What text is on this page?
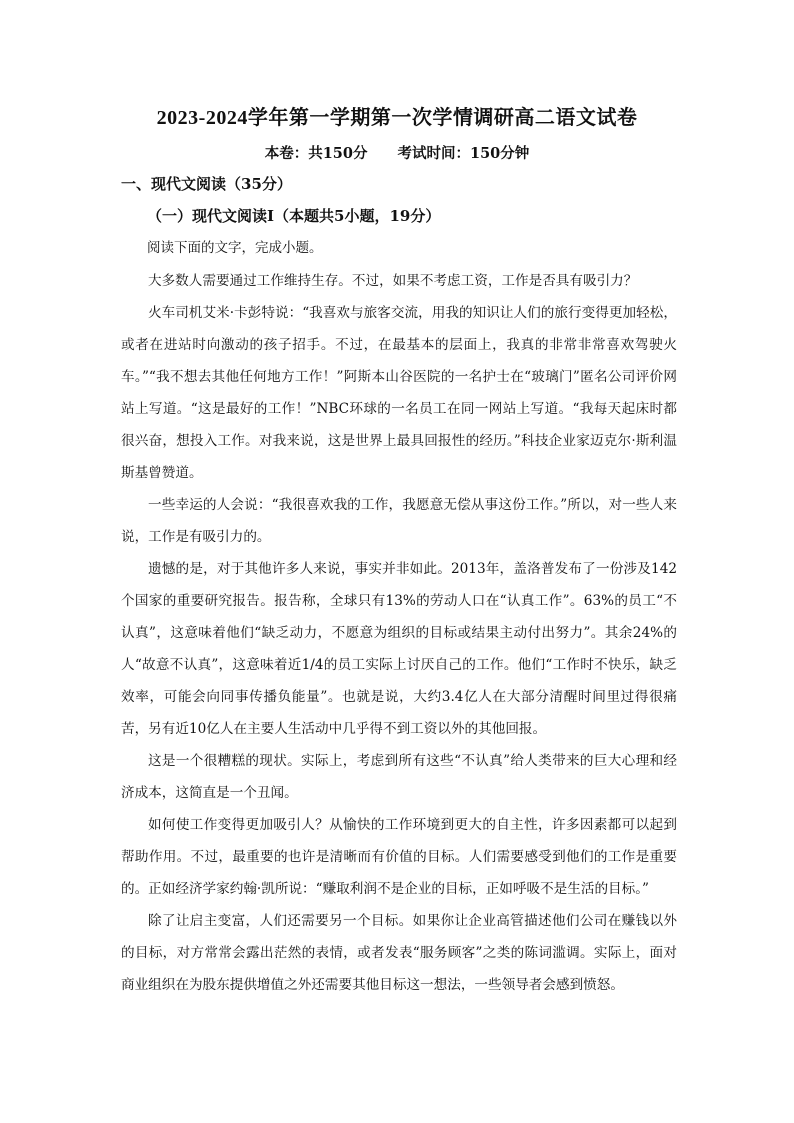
2023-2024学年第一学期第一次学情调研高二语文试卷
本卷：共150分 考试时间：150分钟
一、现代文阅读（35分）
（一）现代文阅读Ⅰ（本题共5小题，19分）
阅读下面的文字，完成小题。

大多数人需要通过工作维持生存。不过，如果不考虑工资，工作是否具有吸引力？

火车司机艾米·卡彭特说：“我喜欢与旅客交流，用我的知识让人们的旅行变得更加轻松，或者在进站时向激动的孩子招手。不过，在最基本的层面上，我真的非常非常喜欢驾驶火车。”“我不想去其他任何地方工作！”阿斯本山谷医院的一名护士在“玻璃门”匿名公司评价网站上写道。“这是最好的工作！”NBC环球的一名员工在同一网站上写道。“我每天起床时都很兴奋，想投入工作。对我来说，这是世界上最具回报性的经历。”科技企业家迈克尔·斯利温斯基曾赞道。

一些幸运的人会说：“我很喜欢我的工作，我愿意无偿从事这份工作。”所以，对一些人来说，工作是有吸引力的。

遗憾的是，对于其他许多人来说，事实并非如此。2013年，盖洛普发布了一份涉及142个国家的重要研究报告。报告称，全球只有13%的劳动人口在“认真工作”。63%的员工“不认真”，这意味着他们“缺乏动力，不愿意为组织的目标或结果主动付出努力”。其余24%的人“故意不认真”，这意味着近1/4的员工实际上讨厌自己的工作。他们“工作时不快乐，缺乏效率，可能会向同事传播负能量”。也就是说，大约3.4亿人在大部分清醒时间里过得很痛苦，另有近10亿人在主要人生活动中几乎得不到工资以外的其他回报。

这是一个很糟糕的现状。实际上，考虑到所有这些“不认真”给人类带来的巨大心理和经济成本，这简直是一个丑闻。

如何使工作变得更加吸引人？从愉快的工作环境到更大的自主性，许多因素都可以起到帮助作用。不过，最重要的也许是清晰而有价值的目标。人们需要感受到他们的工作是重要的。正如经济学家约翰·凯所说：“赚取利润不是企业的目标，正如呼吸不是生活的目标。”

除了让启主变富，人们还需要另一个目标。如果你让企业高管描述他们公司在赚钱以外的目标，对方常常会露出茫然的表情，或者发表“服务顾客”之类的陈词滥调。实际上，面对商业组织在为股东提供增值之外还需要其他目标这一想法，一些领导者会感到愤怒。
